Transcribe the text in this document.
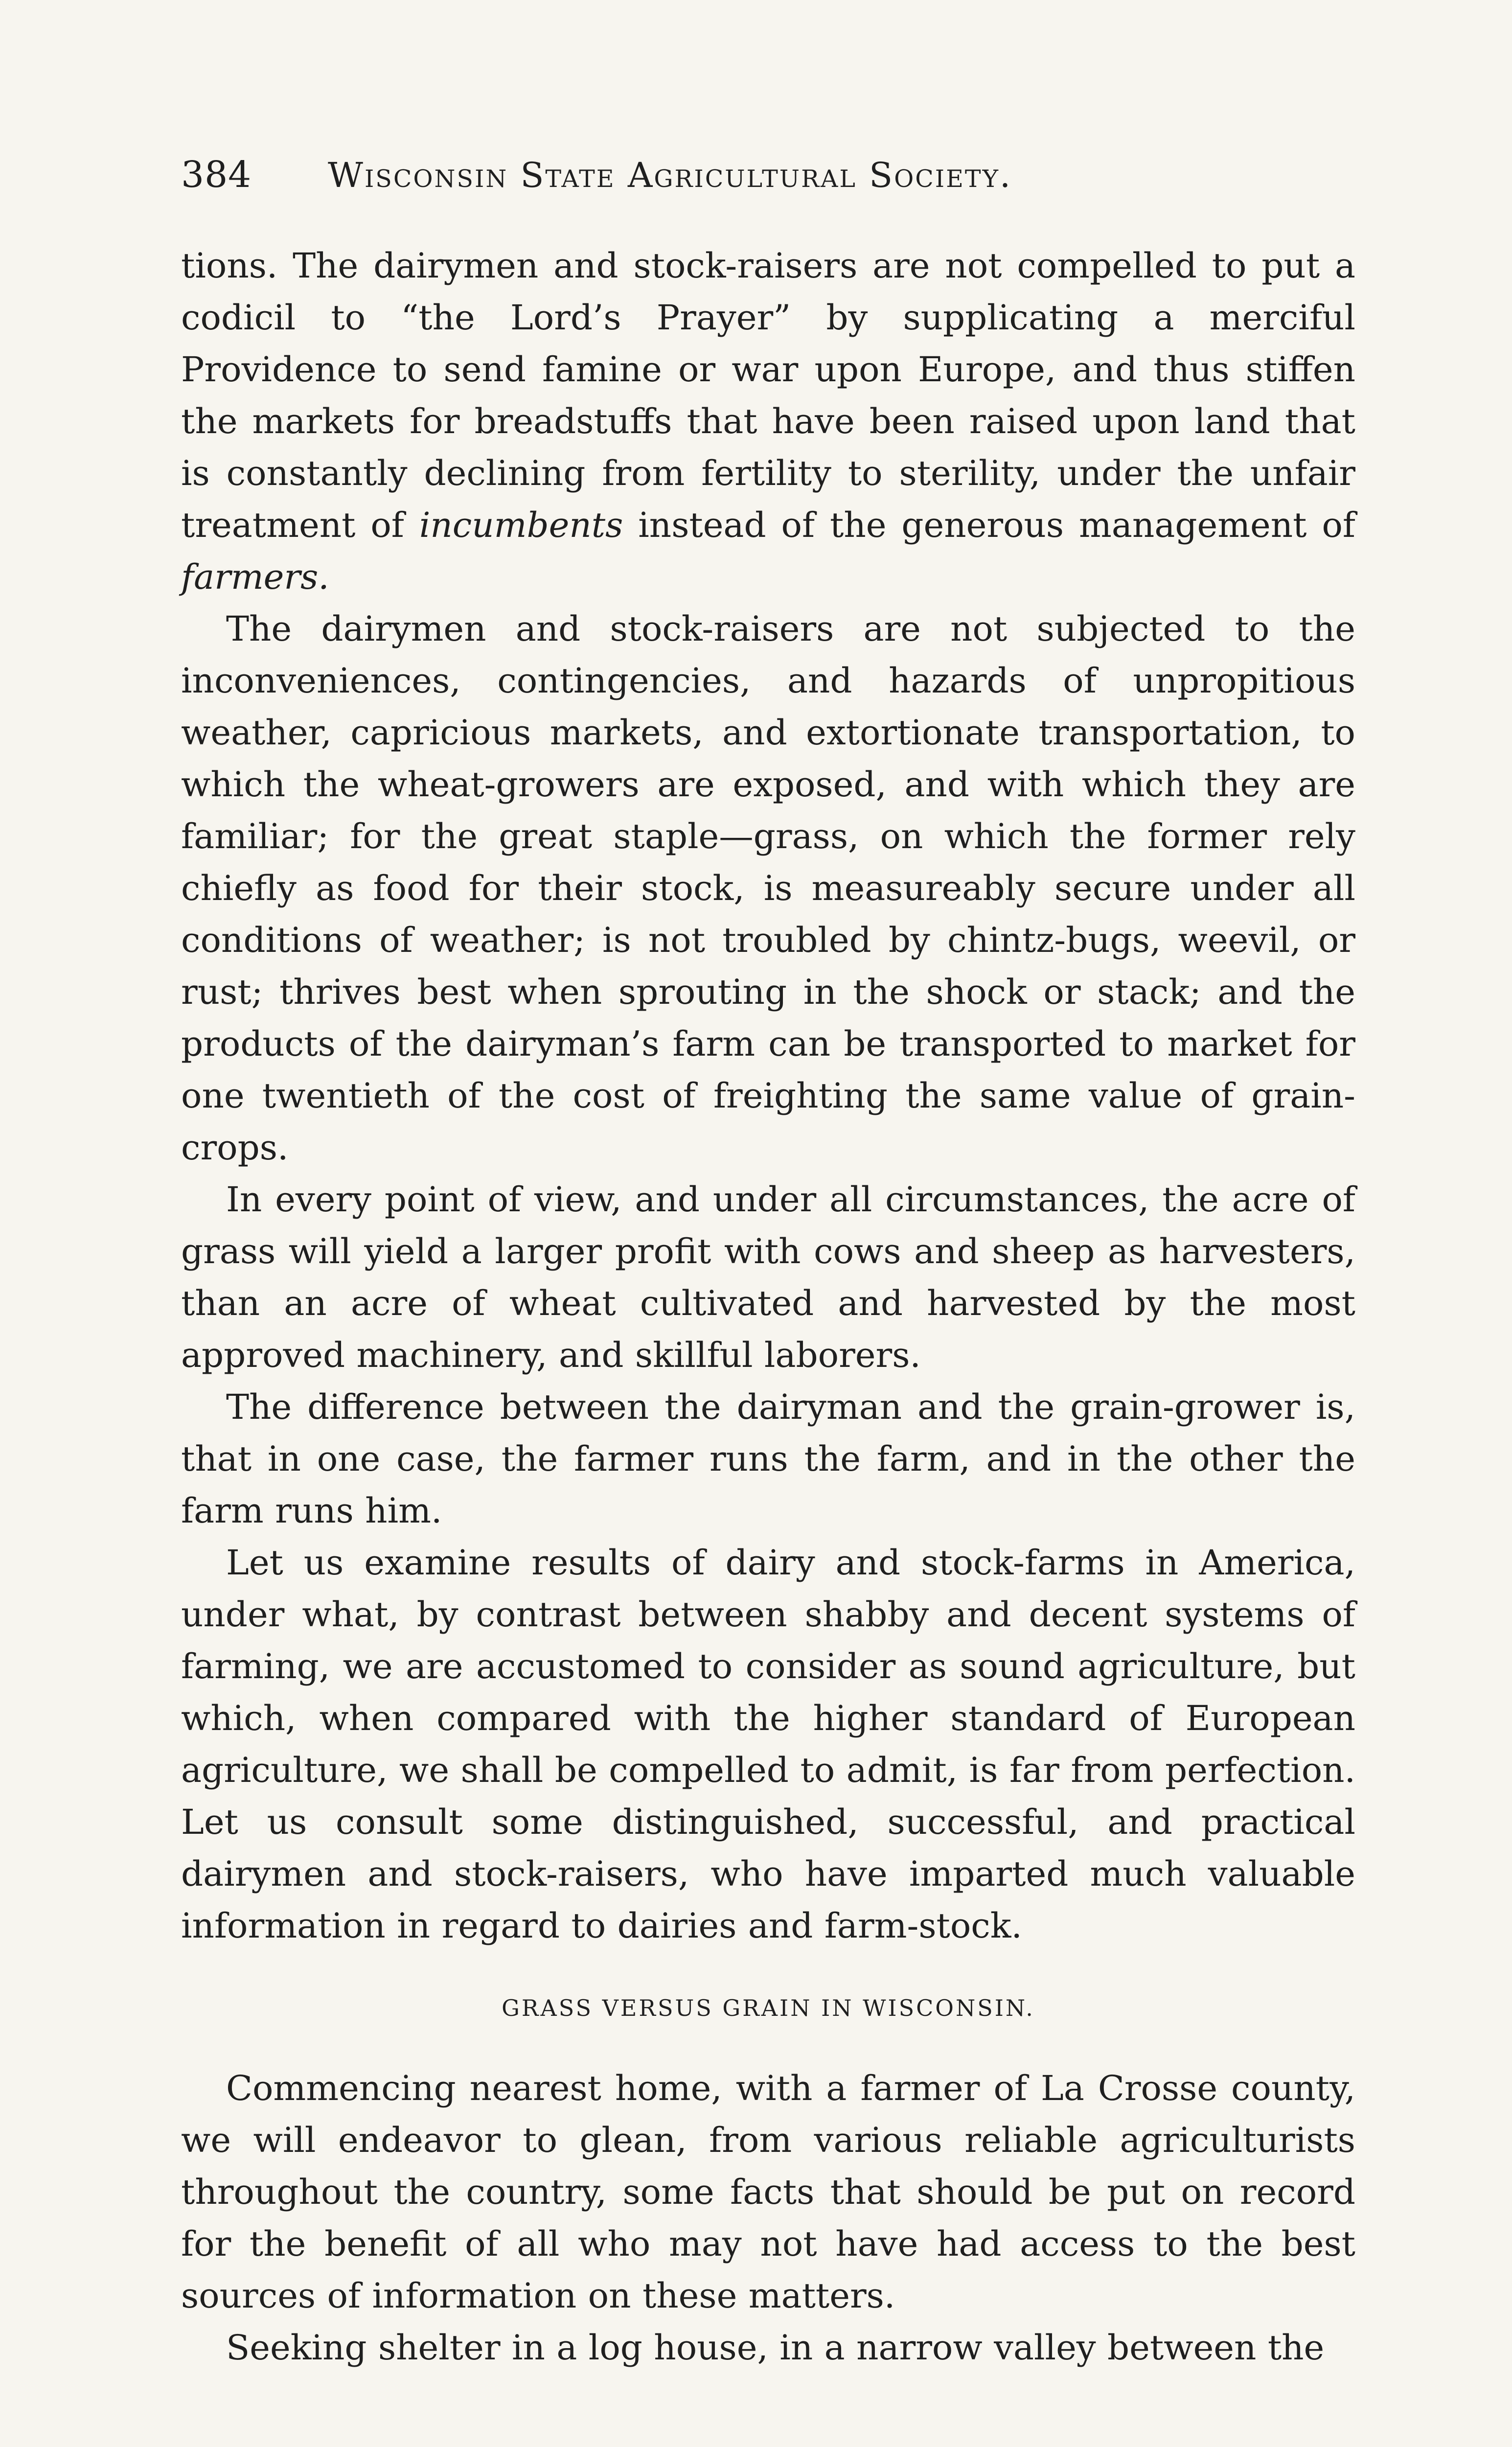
384	Wisconsin State Agricultural Society.

tions. The dairymen and stock-raisers are not compelled to put a codicil to “the Lord’s Prayer” by supplicating a merciful Providence to send famine or war upon Europe, and thus stiffen the markets for breadstuffs that have been raised upon land that is constantly declining from fertility to sterility, under the unfair treatment of incumbents instead of the generous management of farmers.

The dairymen and stock-raisers are not subjected to the inconveniences, contingencies, and hazards of unpropitious weather, capricious markets, and extortionate transportation, to which the wheat-growers are exposed, and with which they are familiar; for the great staple—grass, on which the former rely chiefly as food for their stock, is measureably secure under all conditions of weather; is not troubled by chintz-bugs, weevil, or rust; thrives best when sprouting in the shock or stack; and the products of the dairyman’s farm can be transported to market for one twentieth of the cost of freighting the same value of grain-crops.

In every point of view, and under all circumstances, the acre of grass will yield a larger profit with cows and sheep as harvesters, than an acre of wheat cultivated and harvested by the most approved machinery, and skillful laborers.

The difference between the dairyman and the grain-grower is, that in one case, the farmer runs the farm, and in the other the farm runs him.

Let us examine results of dairy and stock-farms in America, under what, by contrast between shabby and decent systems of farming, we are accustomed to consider as sound agriculture, but which, when compared with the higher standard of European agriculture, we shall be compelled to admit, is far from perfection. Let us consult some distinguished, successful, and practical dairymen and stock-raisers, who have imparted much valuable information in regard to dairies and farm-stock.

GRASS VERSUS GRAIN IN WISCONSIN.

Commencing nearest home, with a farmer of La Crosse county, we will endeavor to glean, from various reliable agriculturists throughout the country, some facts that should be put on record for the benefit of all who may not have had access to the best sources of information on these matters.

Seeking shelter in a log house, in a narrow valley between the
